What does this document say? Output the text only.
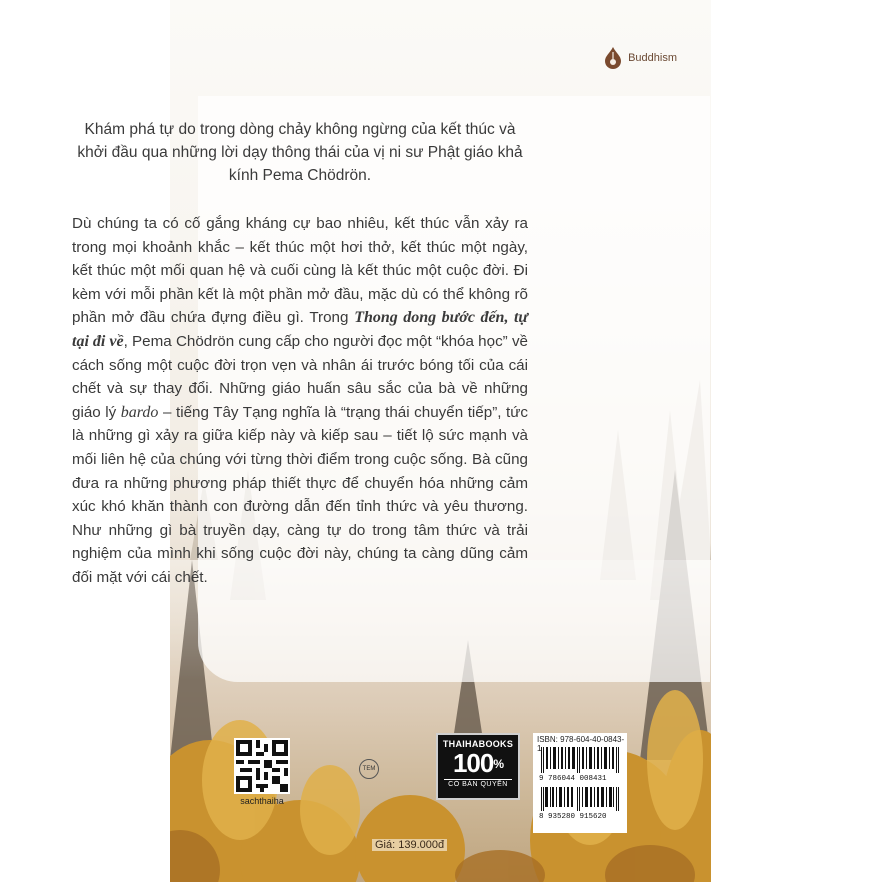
Buddhism

Khám phá tự do trong dòng chảy không ngừng của kết thúc và khởi đầu qua những lời dạy thông thái của vị ni sư Phật giáo khả kính Pema Chödrön.

Dù chúng ta có cố gắng kháng cự bao nhiêu, kết thúc vẫn xảy ra trong mọi khoảnh khắc – kết thúc một hơi thở, kết thúc một ngày, kết thúc một mối quan hệ và cuối cùng là kết thúc một cuộc đời. Đi kèm với mỗi phần kết là một phần mở đầu, mặc dù có thể không rõ phần mở đầu chứa đựng điều gì. Trong Thong dong bước đến, tự tại đi về, Pema Chödrön cung cấp cho người đọc một “khóa học” về cách sống một cuộc đời trọn vẹn và nhân ái trước bóng tối của cái chết và sự thay đổi. Những giáo huấn sâu sắc của bà về những giáo lý bardo – tiếng Tây Tạng nghĩa là “trạng thái chuyển tiếp”, tức là những gì xảy ra giữa kiếp này và kiếp sau – tiết lộ sức mạnh và mối liên hệ của chúng với từng thời điểm trong cuộc sống. Bà cũng đưa ra những phương pháp thiết thực để chuyển hóa những cảm xúc khó khăn thành con đường dẫn đến tỉnh thức và yêu thương. Như những gì bà truyền dạy, càng tự do trong tâm thức và trải nghiệm của mình khi sống cuộc đời này, chúng ta càng dũng cảm đối mặt với cái chết.

sachthaiha
TEM
THAIHABOOKS
100%
CÓ BẢN QUYỀN
ISBN: 978-604-40-0843-1
9 786044 008431
8 935280 915620
Giá: 139.000đ
